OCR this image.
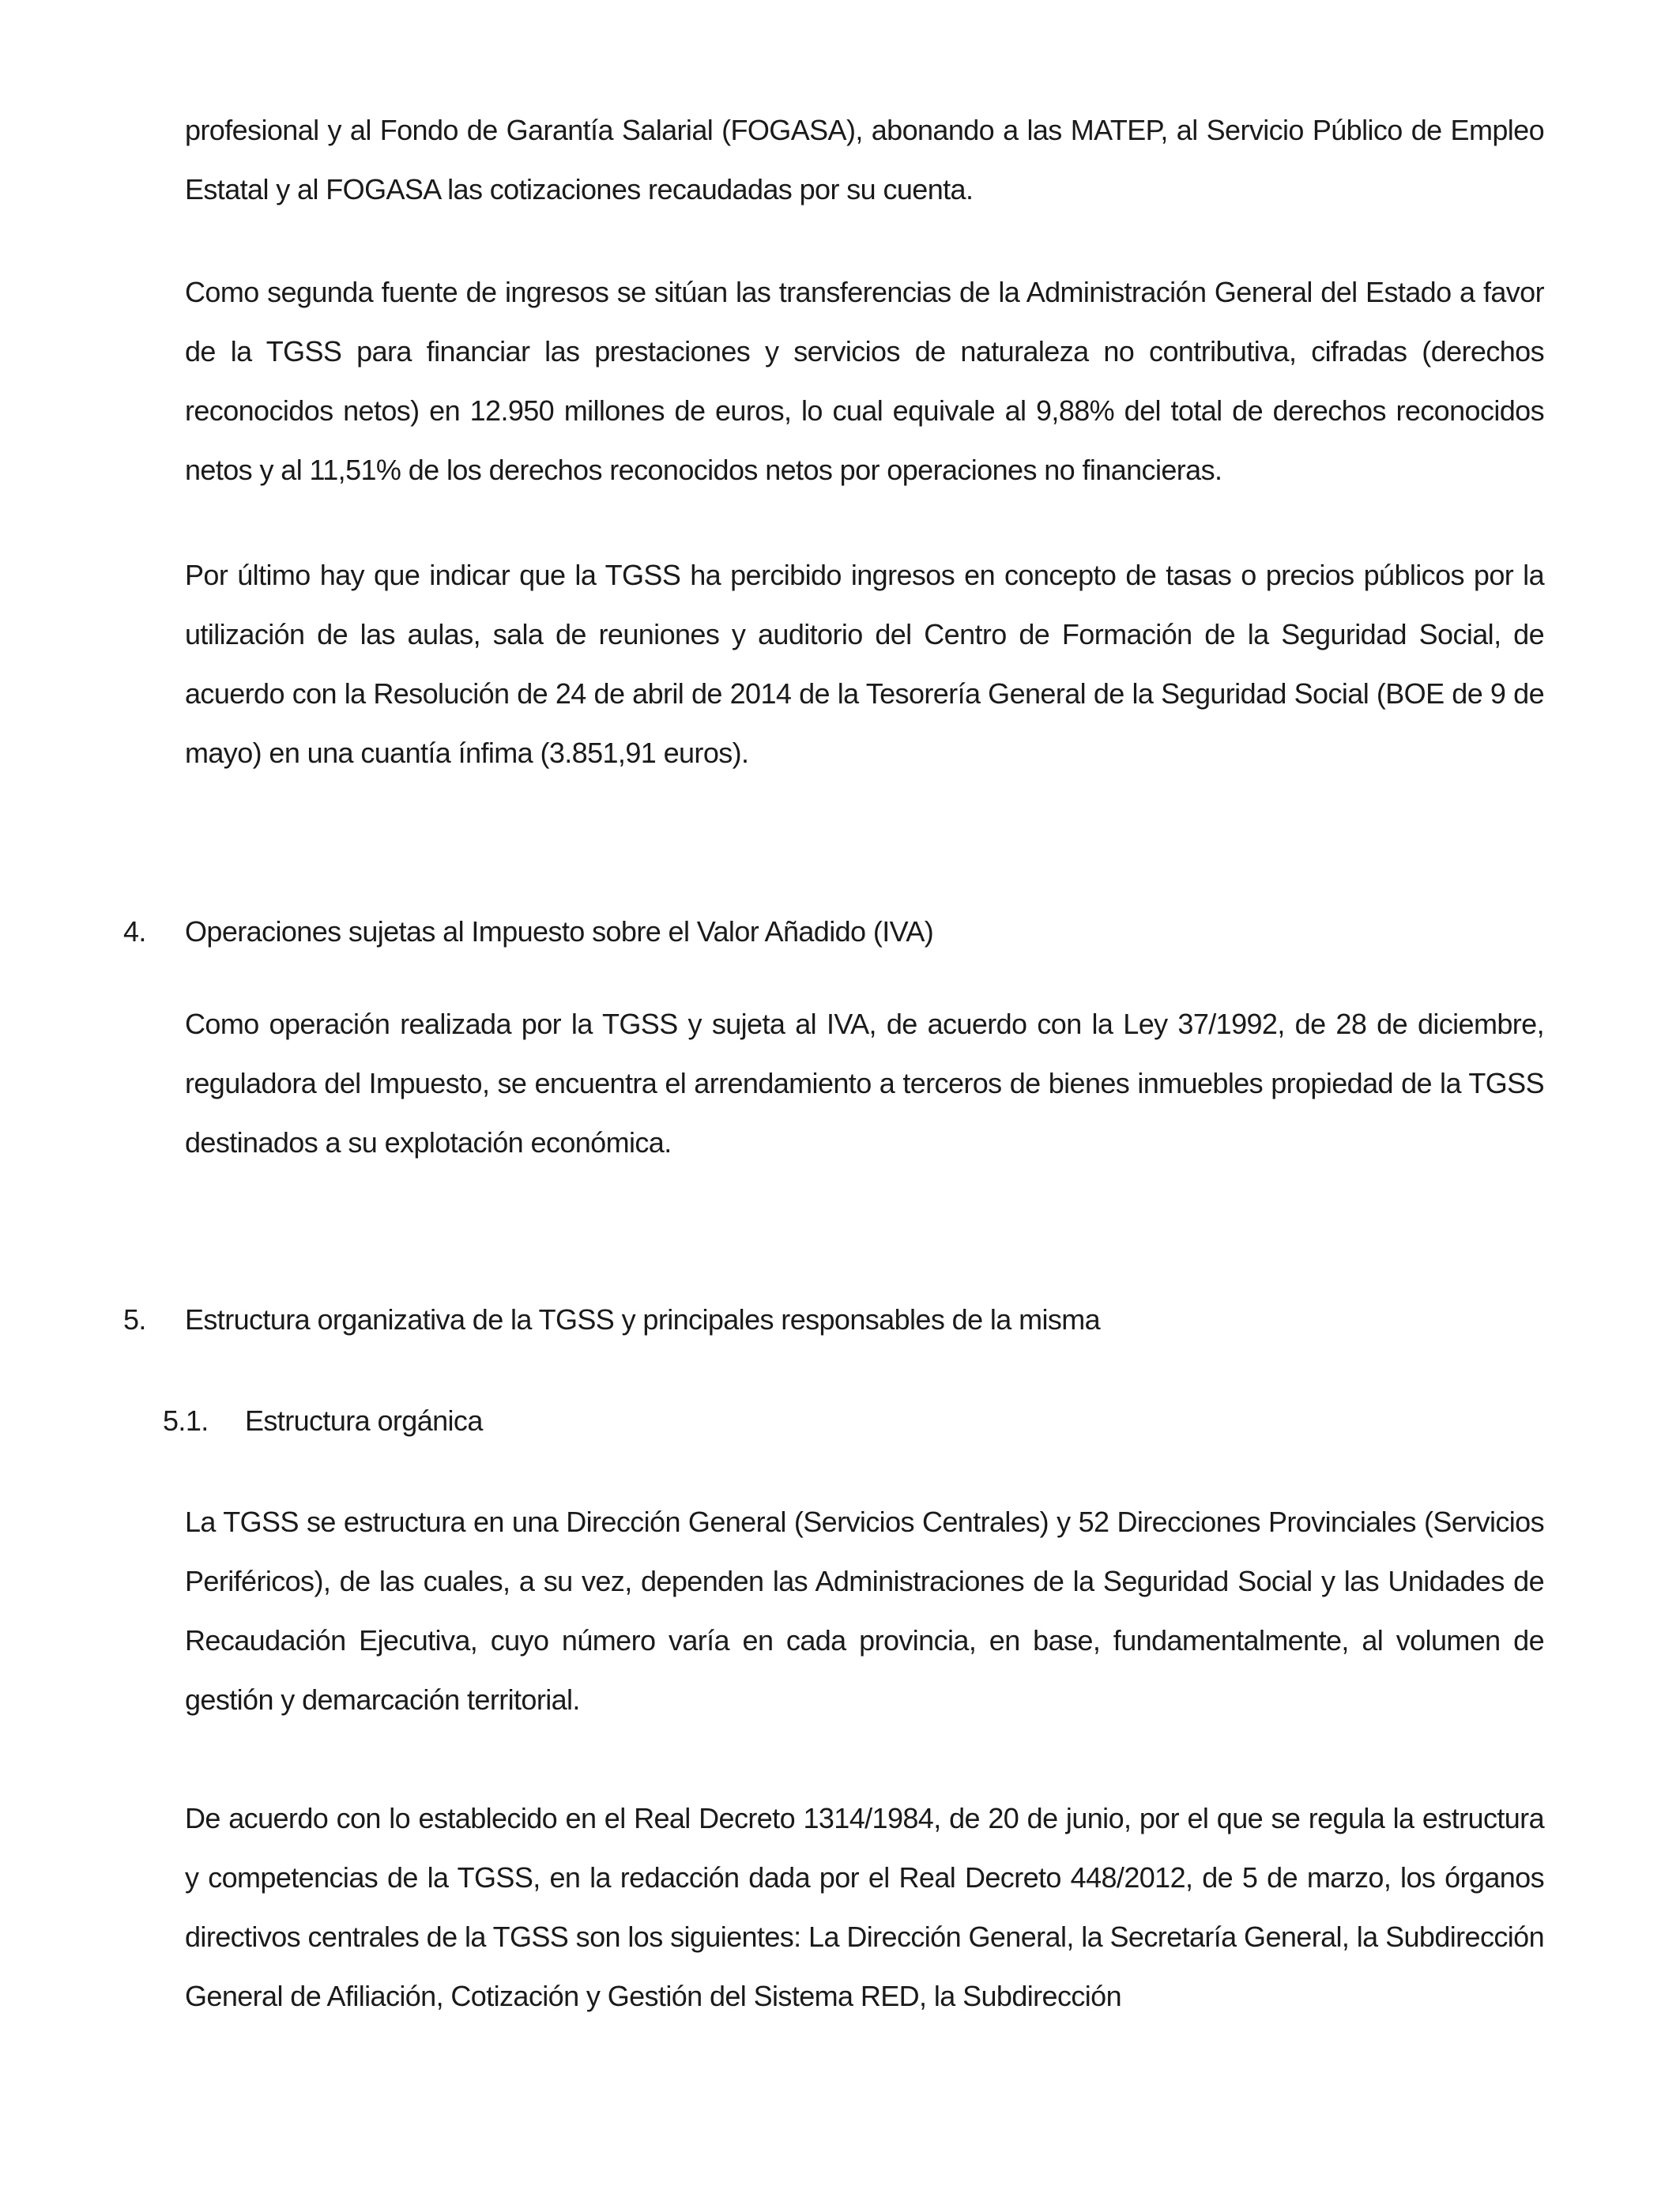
profesional y al Fondo de Garantía Salarial (FOGASA), abonando a las MATEP, al Servicio Público de Empleo Estatal y al FOGASA las cotizaciones recaudadas por su cuenta.

Como segunda fuente de ingresos se sitúan las transferencias de la Administración General del Estado a favor de la TGSS para financiar las prestaciones y servicios de naturaleza no contributiva, cifradas (derechos reconocidos netos) en 12.950 millones de euros, lo cual equivale al 9,88% del total de derechos reconocidos netos y al 11,51% de los derechos reconocidos netos por operaciones no financieras.

Por último hay que indicar que la TGSS ha percibido ingresos en concepto de tasas o precios públicos por la utilización de las aulas, sala de reuniones y auditorio del Centro de Formación de la Seguridad Social, de acuerdo con la Resolución de 24 de abril de 2014 de la Tesorería General de la Seguridad Social (BOE de 9 de mayo) en una cuantía ínfima (3.851,91 euros).

4. Operaciones sujetas al Impuesto sobre el Valor Añadido (IVA)

Como operación realizada por la TGSS y sujeta al IVA, de acuerdo con la Ley 37/1992, de 28 de diciembre, reguladora del Impuesto, se encuentra el arrendamiento a terceros de bienes inmuebles propiedad de la TGSS destinados a su explotación económica.

5. Estructura organizativa de la TGSS y principales responsables de la misma
5.1. Estructura orgánica

La TGSS se estructura en una Dirección General (Servicios Centrales) y 52 Direcciones Provinciales (Servicios Periféricos), de las cuales, a su vez, dependen las Administraciones de la Seguridad Social y las Unidades de Recaudación Ejecutiva, cuyo número varía en cada provincia, en base, fundamentalmente, al volumen de gestión y demarcación territorial.

De acuerdo con lo establecido en el Real Decreto 1314/1984, de 20 de junio, por el que se regula la estructura y competencias de la TGSS, en la redacción dada por el Real Decreto 448/2012, de 5 de marzo, los órganos directivos centrales de la TGSS son los siguientes: La Dirección General, la Secretaría General, la Subdirección General de Afiliación, Cotización y Gestión del Sistema RED, la Subdirección
